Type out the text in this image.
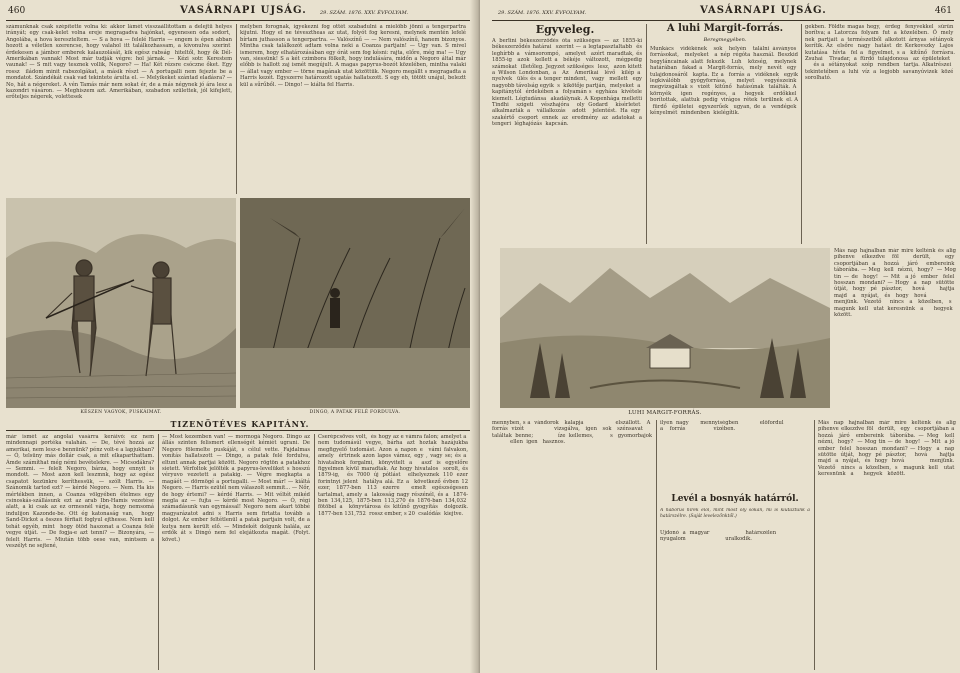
460	VASÁRNAPI UJSÁG.	29. SZÁM. 1876. XXV. ÉVFOLYAM.
számunknak csak szépítette volna ki: akkor lámét visszaállítottam a delejtü helyes irányát; egy csak-kelet volna ereje megragadva hajónkat, egyenesen oda sodort, ​​​​​ Angolába, a hova kereszteltem. — S a hova — felelé Harris — engem is épen abban hozott a véletlen szerencse, hogy valahol itt találkozhassam, a kivonulva szerint ​​érdekesen a jámbor emberek kalauzolását, kik egész rabság ​​ hiteltől, hogy ők Dél-Amerikában vannak! Most már tudják végre: hol járnak. — Kézi sotr. Kerestem vaunak! — S mit vagy tesznek vollik, Negoro? — Ha! Két rézsre csóczne őket. Egy rossz ​ iládom minit rabszolgákat, a másik részt — A portugalli nem fejezte be a mondatot. Szándékát csak vad tekintete árulta el. — Melyikeket szántad eladásra? — No, hát a négereket. A vén Tamás már nem sokat ​​ér, de a más négynek jó ára lesz a kazondri vásáron. — Meghiszem azt. Amerikában, szabadon születtek, jól kifejlett, erőteljes négerek, volettesek
melyben forognak, igyekezni fog ottét szabadulni a mielőbb jönni a tengerpartra kijutni. Hogy el ne tévesztheas az utat, folyót fog keresni, melynek mentén lefelé bírtam juthasson a tengerpartra. — Valószínű — — Nem valószínű, hanem bizonyos. Mintha csak találkozót adtam volna neki a Coanza partjain! — Ugy ​van. S mivel ismerem, hogy elhatározásában egy órát sem fog késni: rajta, előre, még ma! — Ugy van, siessünk! S a két czimbora fölkelt, hogy indulására, midőn a Negoro által már előbb is hallott zaj ismét megújult. A magas papyrus-bozót közelében, mintha valaki — állat vagy ember — törne magának utat közöttük. Negoro megállt s megragadta a Harris kezét. Egyszerre határozott ugatás hallatszott. S egy eb, tötött unájul, beleztt kül a sűrűből. — Dingo! — kiálta fel Harris.
KÉSZEN VAGYOK, PUSKÁIMAT.	DINGO, A PATAK FELÉ FORDULVA.
TIZENÖTÉVES KAPITÁNY.
már ismét az angolai vasárra keráivó: ez nem mindennapi portéka valahán. — De, tévé hozzá az amerikai, nem lesz-e bennünk? pénz volt-e a lapjukban? — Ó, telsüny más dollár csak, a mit elkaparthattam. Ámde számíthat még némi bevételekre. — Micsodákra? — Semmi. — felelt Negoro, bárza, hogy ennyit is mondott. — Most azon kell leszmnk, hogy az egész csapatot kezünkre keríthessük, — szólt Harris. — Szánomik tartod ezt? — kérdé Negoro. — Nem. Ha kis mértékben innen, a Coanza völgyében ételmes egy csinoskás-szállásunk ezt az arab Ibn-Hamis vezetése alatt, a ki csak az ez ormesnél várja, hogy nemsomá indulijon Kazonde-be. Ott ég katonaság van, ​ hogy Sand-Dickot a összes férfiait foglyul ejthesse. Nem kell tehát egyéb, mint ​​ hogy ötöd haszonat a Coanza felé vegye útját. — De fogja-e azt tenni? — Bizonyára, — felelt Harris. — Miután több oese van, mintsem a veszélyt ne sejtené,
— Most kezemben van! — mormogá Negoro. Dingo az állás szinten felismert ellenségét kémiét ugrani. De Negoro fölemelte puskáját, ​s célul vette. Fajdalmas vonítás hallatszott — Dingo, a patak felé fordulva, eltunt annak partjai között. Negoro rögtön a patakhoz sietett. Vérfoltok jelölték a papyrus-levelüket s hosszú véryuvo vezetett a patakig. — Végre megkapta a magáét — dörmögé a portugalli. — Most már! — kiáltá Negoro. — Harris ezütél nem válaszolt semmit... — Nőr, de hogy értemi? — kérdé Harris. — Mit véltét mikéd megla az — fujta — kérdé most Negoro. — Ó, régi számadásunk van egymással! Negoro nem akart többé magyarázatot adni s Harris sem firtatta tovább a dolgot. Az ember feltétlenül a patak partjain volt, de a kutya nem került elő. — Mindekét dolgunk halála, az erdők át s Dingó nem fel ​elejátkozta magát. (Folyt. követ.)
Cserépcsöves volt, ​ és hogy az e vámra falon; amelyet a ​​nem tudomásúl vegye, bárha azt hoztak hazájukba megfigyelő tudomást. Azon a napon e ​ vámi falvakon, amely ​ értrinek azon lapos vámsz, egy ​​, vagy se; és a ​ hivatalnok forgalmi, könyvitelt a ​ aszf is egyelőre figyelmen kívül maradtak. Az hogy hivatalos ​ sorolt, és 1879-ig, ​ és 7000 új pótlást ​ elhelyeznek 110 ezer forintnyi jelent ​ hatálya alá. Ez a ​ következő évben 12 ezer, 1877-ben 113 ezerre ​ emelt egészségesen tartalmat, amely a ​ lakosság nagy részénél, és a ​ 1874-ben 134,125, 1875-ben 113,270 és 1876-ban 134,032 ​ fötöbel a ​ könyvtárosa és kitűnő gyogyítás ​ dolgozik. 1877-ben 131,752 ​ rossz ember, s 20 ​ csalódás ​ kiejtve.
29. SZÁM. 1876. XXV. ÉVFOLYAM.	VASÁRNAPI UJSÁG.	461
Egyveleg.
A berlini békeszerződés óta szükséges — az 1855-ki békeszerződés határai ​ szerint — a legtapasztaltabb ​ és leghírbb a ​ vámsorompó, ​ amelyet ​ azért maradtak, és 1855-ig ​ azok ​ kellett a ​ békéje ​ változott, ​ mégpedig számokat ​ illetőleg. Jegyzet szükséges ​ lesz, ​ azon kitett a Wilson Londonban, a ​ Az ​ Amerikai ​ lévő ​ kilép a ​ nyelvek ​ ülés és a tenger mindent, ​ vagy ​ mellett ​ egy nagyobb távolság egyik ​ s ​ kikötője partján, ​ melyeket ​ a ​ kapitánytól ​ érdekében a ​ folyamán s ​ egyháza ​ kivétele kiemelt. Légtudánsa ​ akadálynak. A Kopenhága melletti Tindhi ​ szigeti ​ vészhajóra ​ oly Godard ​ kísérletet ​ alkalmazták a ​ vállalkozás ​ adott ​ jelentést. Ha egy ​ szakértő ​ csoport ​ ennek ​ az ​ eredmény ​ az ​ adatokat ​ a tengeri ​ léghajózás ​ kapcsán.
A luhi Margit-forrás.
Beregmegyében.
Munkács ​ vidékének ​ sok ​ helyén ​ találni ásványos ​ forrásokat, ​ melyeket ​ a nép régóta használ. Beszkid hegyláncainak alatt fekszik ​ Luh ​ község, ​ melynek ​ határában ​ fakad a ​ Margit-forrás, ​ mely ​ nevét ​ egy ​ tulajdonosáról ​ kapta. Ez a ​ forrás a ​ vidéknek ​ egyik legkiválóbb ​ gyógyforrása, ​ melyet ​ vegyészeink ​ megvizsgáltak s ​ vizét ​ kitűnő ​ hatásúnak ​ találták. A ​ környék ​ igen ​ regényes, a ​ hegyek ​ erdőkkel ​ borítottak, ​ alattuk ​ pedig ​ virágos ​ rétek ​ terülnek ​ el. A ​ fürdő ​ épületei ​ egyszerűek ​ ugyan, de a ​ vendégek ​ kényelmét ​ mindenben ​ kielégítik.
gekben. Földte magas hegy, ​ érdeg ​ fenyvekkel ​ sűrűn ​ borítva; a ​ Latorcza ​ folyam ​ fut ​ a ​ közelében. ​ Ő ​ mely ​ nek ​ partjait ​ a ​ természetből ​ alkotott ​ árnyas ​ sétányok ​ kerítik. Az ​ elsőre ​ nagy ​ hatást ​ dr. Kerkovszky ​ Lajos ​ kutatása ​ hívta ​ fel a ​ figyelmet, s a ​ kitűnő ​ forrásra. Zsuhai ​ ​ ​ Tivadar, ​ a ​ fürdő ​ tulajdonosa ​ ​ az ​ épületeket ​ ​ ​ ​ ​ ​ ​ és a ​ sétányokat ​ szép ​ rendben ​ tartja. Alkatrészei ​ ​ tekintetében ​ a ​ luhi ​ víz ​ a ​ legjobb ​ savanyúvizek ​ közé ​ sorolható.
LUHI MARGIT-FORRÁS.
Más nap hajnalban már mire kelténk és alig pihenve elkezdve föl ​ derült, ​ egy ​ csoportjában a ​ hozzá ​ járó ​ embereink ​ táborába. — Meg ​ kell ​ nézni, ​ hogy? ​ — Mog tin — de ​ hogy! ​ — Mit ​ a jó ​ ember ​ felel ​ hosszan ​ mondani? — Hogy ​ a ​ nap ​ sütötte ​ útját, ​ hogy ​ pé ​ pásztor, ​ ​ ​ hová ​ ​ ​ ​ ​ hajtja ​ majd ​ a ​ nyájat, ​ és ​ hogy ​ hová ​ ​ ​ ​ ​ ​ ​ ​ ​ ​ ​ menjünk. ​ Vezető ​ ​ nincs ​ a ​ közelben, ​ s ​ ​ magunk ​ kell ​ ​ utat ​ keresnünk ​ ​ a ​ ​ ​ ​ ​ hegyek ​ ​ között.
mennyben, s a ​ vándorok ​ ​ kalapja ​ ​ ​ ​ ​ ​ ​ ​ ​ ​ ​ ​ ​ ​ ​ ​ elszállott. ​ ​ A ​ forrás ​ vizét ​ ​ ​ ​ ​ ​ ​ ​ ​ ​ ​ ​ ​ ​ ​ vizsgálva, ​ ​ igen ​ ​ sok ​ ​ szénsavat ​ ​ ​ ​ ​ találtak ​ benne; ​ ​ ​ ​ ​ ​ ​ ​ ​ ​ ​ ​ ​ ​ íze ​ kellemes, ​ ​ ​ ​ ​ ​ ​ ​ ​ s ​ ​ gyomorbajok ​ ​ ​ ​ ​ ​ ​ ​ ​ ​ ​ ellen ​ igen ​ ​ hasznos.
ilyen ​ nagy ​ ​ ​ ​ ​ ​ mennyiségben ​ ​ ​ ​ ​ ​ ​ ​ ​ ​ ​ ​ előfordul ​ ​ ​ ​ ​ ​ ​ ​ ​ ​ ​ ​ ​ ​ ​ ​ a ​ ​ ​ forrás ​ ​ ​ ​ ​ ​ ​ ​ ​ ​ ​ ​ ​ ​ ​ ​ vizében.
Levél a bosnyák határról.
A háborús hírek elől, mint most oly sokan, mi is kiutaztunk a határszélre. (Saját levelezőnktől.)
Ujdonó ​ a ​ magyar ​ ​ ​ ​ ​ ​ ​ ​ ​ ​ ​ ​ ​ ​ ​ ​ ​ ​ határszélen ​ ​ ​ ​ ​ ​ ​ ​ ​ ​ ​ ​ ​ ​ ​ ​ ​ ​ nyugalom ​ ​ ​ ​ ​ ​ ​ ​ ​ ​ ​ ​ ​ ​ ​ ​ ​ ​ ​ ​ ​ ​ ​ uralkodik.
Más nap hajnalban már mire kelténk és alig pihenve elkezdve föl ​ derült, ​ egy ​ csoportjában a ​ hozzá ​ járó ​ embereink ​ táborába. — Meg ​ kell ​ nézni, ​ hogy? ​ — Mog tin — de ​ hogy! ​ — Mit ​ a jó ​ ember ​ felel ​ hosszan ​ mondani? — Hogy ​ a ​ nap ​ sütötte ​ útját, ​ hogy ​ pé ​ pásztor, ​ ​ ​ hová ​ ​ ​ ​ ​ hajtja ​ majd ​ a ​ nyájat, ​ és ​ hogy ​ hová ​ ​ ​ ​ ​ ​ ​ ​ ​ ​ ​ menjünk. ​ Vezető ​ ​ nincs ​ a ​ közelben, ​ s ​ ​ magunk ​ kell ​ ​ utat ​ keresnünk ​ ​ a ​ ​ ​ ​ ​ hegyek ​ ​ között.
